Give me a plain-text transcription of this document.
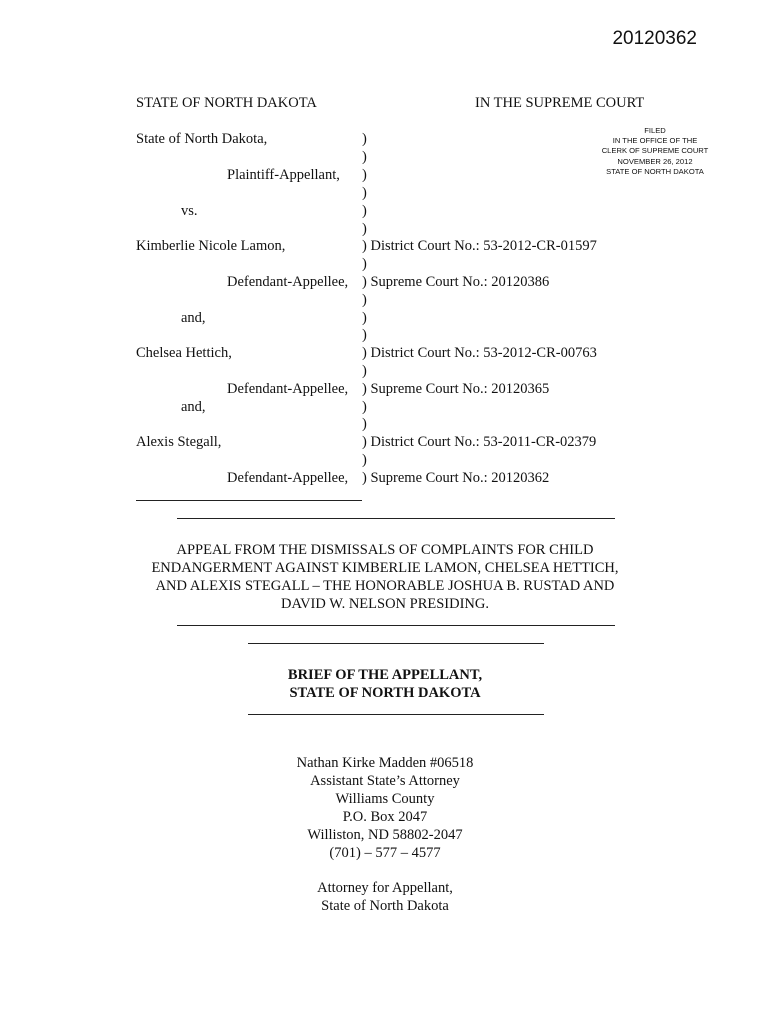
20120362
STATE OF NORTH DAKOTA	IN THE SUPREME COURT
FILED
IN THE OFFICE OF THE
CLERK OF SUPREME COURT
NOVEMBER 26, 2012
STATE OF NORTH DAKOTA
State of North Dakota,
Plaintiff-Appellant,
vs.
Kimberlie Nicole Lamon,
Defendant-Appellee,
and,
Chelsea Hettich,
Defendant-Appellee,
and,
Alexis Stegall,
Defendant-Appellee,
)
)
)
)
)
)
) District Court No.: 53-2012-CR-01597
)
) Supreme Court No.: 20120386
)
)
)
) District Court No.: 53-2012-CR-00763
)
) Supreme Court No.: 20120365
)
)
) District Court No.: 53-2011-CR-02379
)
) Supreme Court No.: 20120362
APPEAL FROM THE DISMISSALS OF COMPLAINTS FOR CHILD
ENDANGERMENT AGAINST KIMBERLIE LAMON, CHELSEA HETTICH,
AND ALEXIS STEGALL – THE HONORABLE JOSHUA B. RUSTAD AND
DAVID W. NELSON PRESIDING.
BRIEF OF THE APPELLANT,
STATE OF NORTH DAKOTA
Nathan Kirke Madden #06518
Assistant State’s Attorney
Williams County
P.O. Box 2047
Williston, ND 58802-2047
(701) – 577 – 4577
Attorney for Appellant,
State of North Dakota
